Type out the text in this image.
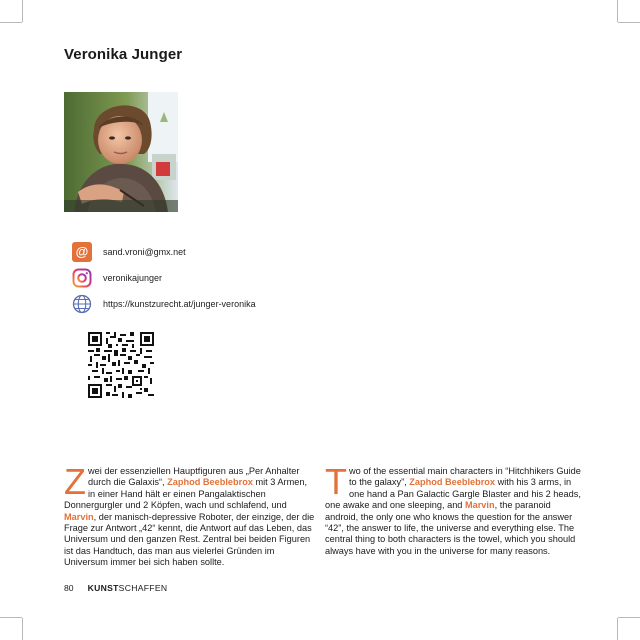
Veronika Junger
@	sand.vroni@gmx.net
veronikajunger
https://kunstzurecht.at/junger-veronika
Zwei der essenziellen Hauptfiguren aus „Per Anhalter durch die Galaxis“, Zaphod Beeblebrox mit 3 Armen, in einer Hand hält er einen Pangalaktischen Donnergurgler und 2 Köpfen, wach und schlafend, und Marvin, der manisch-depressive Roboter, der einzige, der die Frage zur Antwort „42“ kennt, die Antwort auf das Leben, das Universum und den ganzen Rest. Zentral bei beiden Figuren ist das Handtuch, das man aus vielerlei Gründen im Universum immer bei sich haben sollte.
Two of the essential main characters in “Hitchhikers Guide to the galaxy”, Zaphod Beeblebrox with his 3 arms, in one hand a Pan Galactic Gargle Blaster and his 2 heads, one awake and one sleeping, and Marvin, the paranoid android, the only one who knows the question for the answer “42”, the answer to life, the universe and everything else. The central thing to both characters is the towel, which you should always have with you in the universe for many reasons.
80 KUNST SCHAFFEN
